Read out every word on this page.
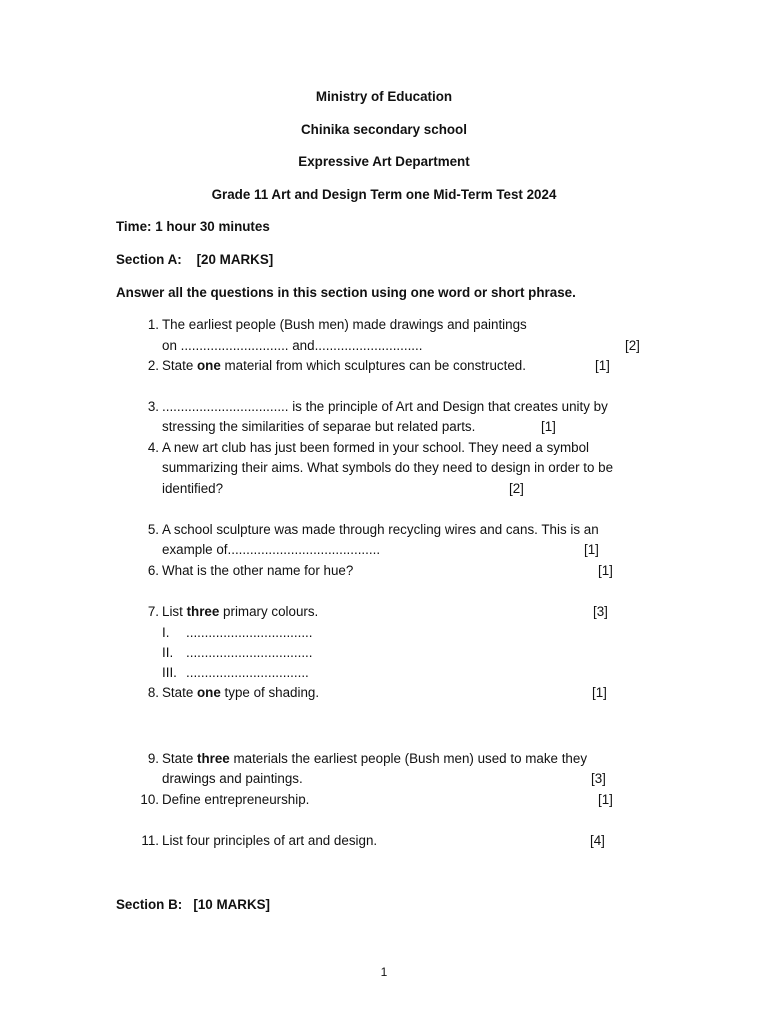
Ministry of Education
Chinika secondary school
Expressive Art Department
Grade 11 Art and Design Term one Mid-Term Test 2024
Time: 1 hour 30 minutes
Section A:    [20 MARKS]
Answer all the questions in this section using one word or short phrase.
1. The earliest people (Bush men) made drawings and paintings
on ............................. and.............................	[2]
2. State one material from which sculptures can be constructed.	[1]
3. .................................. is the principle of Art and Design that creates unity by
stressing the similarities of separae but related parts.	[1]
4. A new art club has just been formed in your school. They need a symbol
summarizing their aims. What symbols do they need to design in order to be
identified?	[2]
5. A school sculpture was made through recycling wires and cans. This is an
example of.........................................	[1]
6. What is the other name for hue?	[1]
7. List three primary colours.	[3]
I. ..................................
II. ..................................
III. .................................
8. State one type of shading.	[1]
9. State three materials the earliest people (Bush men) used to make they
drawings and paintings.	[3]
10. Define entrepreneurship.	[1]
11. List four principles of art and design.	[4]
Section B:   [10 MARKS]
1
